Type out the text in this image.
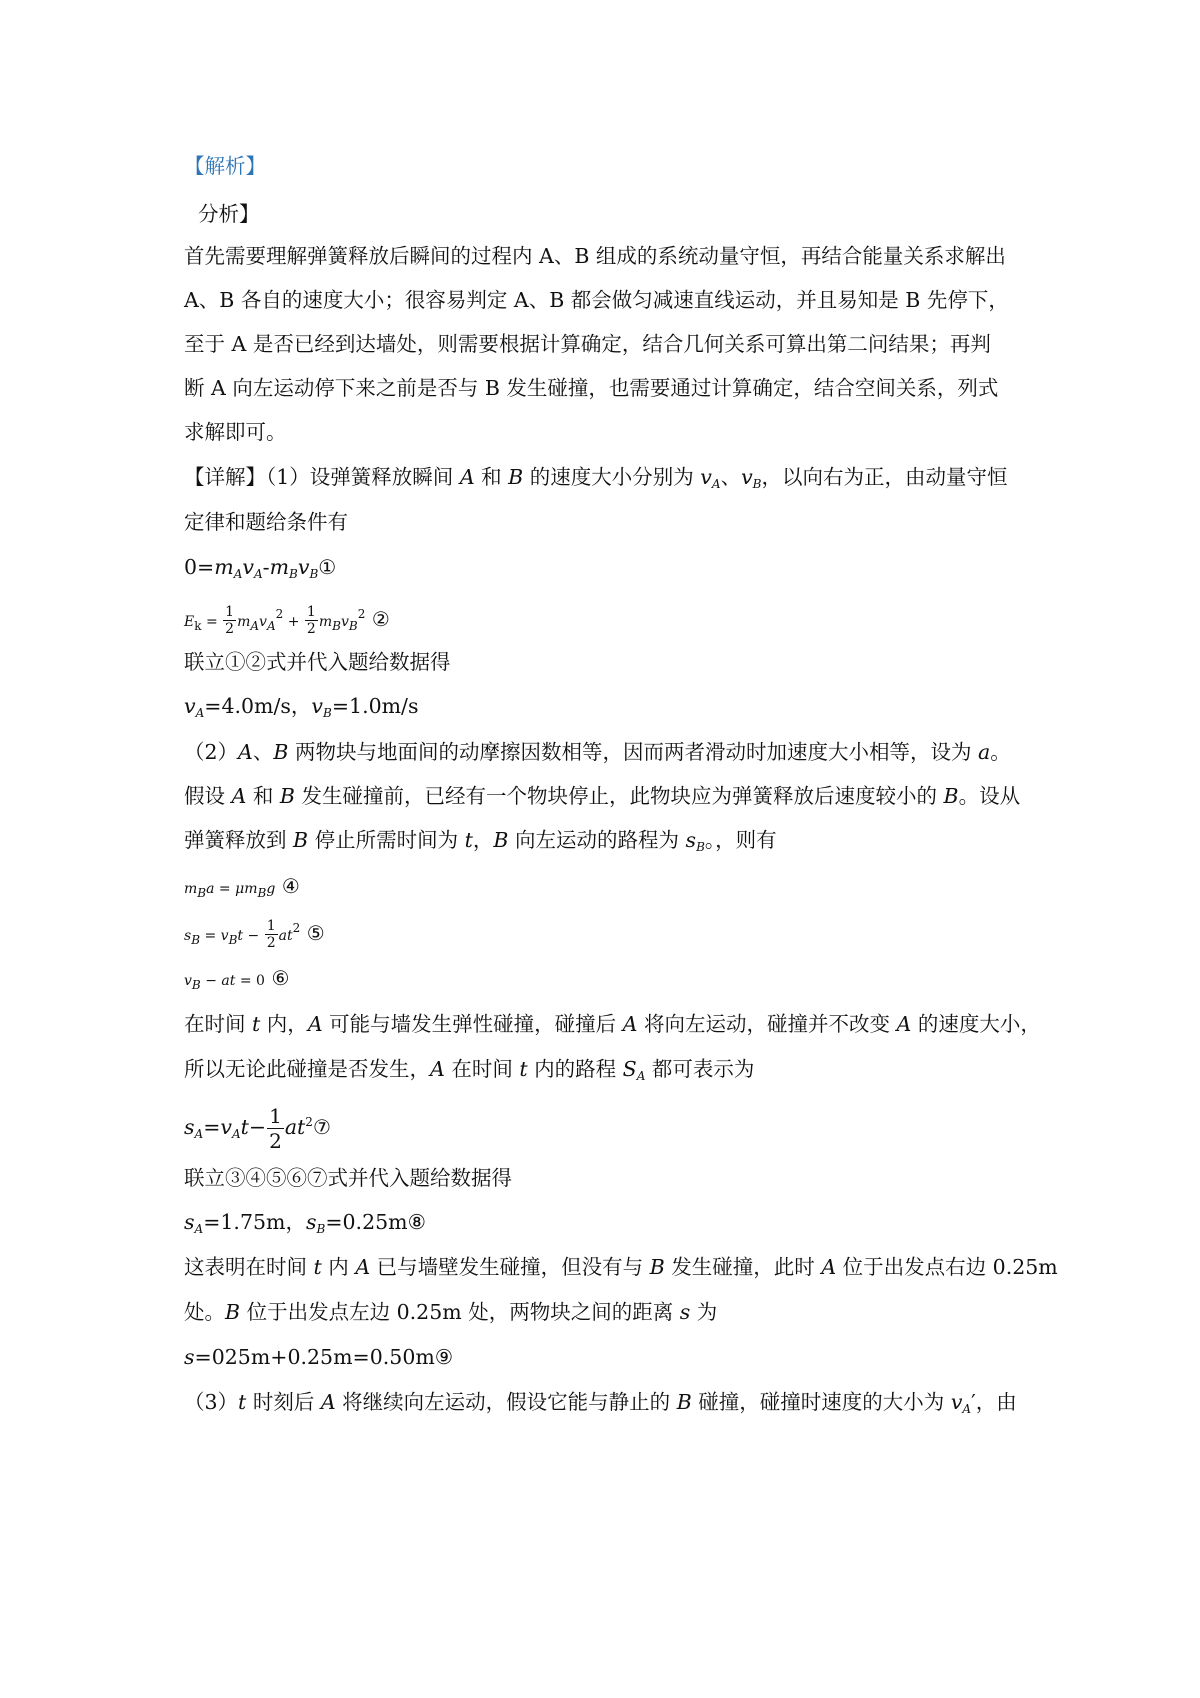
【解析】
分析】
首先需要理解弹簧释放后瞬间的过程内 A、B 组成的系统动量守恒，再结合能量关系求解出
A、B 各自的速度大小；很容易判定 A、B 都会做匀减速直线运动，并且易知是 B 先停下，
至于 A 是否已经到达墙处，则需要根据计算确定，结合几何关系可算出第二问结果；再判
断 A 向左运动停下来之前是否与 B 发生碰撞，也需要通过计算确定，结合空间关系，列式
求解即可。
【详解】（1）设弹簧释放瞬间 A 和 B 的速度大小分别为 $v_A$、$v_B$，以向右为正，由动量守恒
定律和题给条件有
$0=m_Av_A-m_Bv_B①$
$E_k = \frac{1}{2} m_Av_A^2 + \frac{1}{2} m_Bv_B^2$ ②
联立①②式并代入题给数据得
$v_A=4.0m/s$，$v_B=1.0m/s$
（2）A、B 两物块与地面间的动摩擦因数相等，因而两者滑动时加速度大小相等，设为 a。
假设 A 和 B 发生碰撞前，已经有一个物块停止，此物块应为弹簧释放后速度较小的 B。设从
弹簧释放到 B 停止所需时间为 t，B 向左运动的路程为 $s_B$。，则有
$m_Ba = \mu m_Bg$ ④
$s_B = v_Bt - \frac{1}{2} at^2$ ⑤
$v_B$ − at = 0 ⑥
在时间 t 内，A 可能与墙发生弹性碰撞，碰撞后 A 将向左运动，碰撞并不改变 A 的速度大小，
所以无论此碰撞是否发生，A 在时间 t 内的路程 $S_A$ 都可表示为
$s_A=v_At- \frac{1}{2}$ $at^2⑦$
联立③④⑤⑥⑦式并代入题给数据得
$s_A=1.75m$，$s_B=0.25m⑧$
这表明在时间 t 内 A 已与墙壁发生碰撞，但没有与 B 发生碰撞，此时 A 位于出发点右边 0.25m
处。B 位于出发点左边 0.25m 处，两物块之间的距离 s 为
s=025m+0.25m=0.50m⑨
（3）t 时刻后 A 将继续向左运动，假设它能与静止的 B 碰撞，碰撞时速度的大小为 $v_A'$，由
